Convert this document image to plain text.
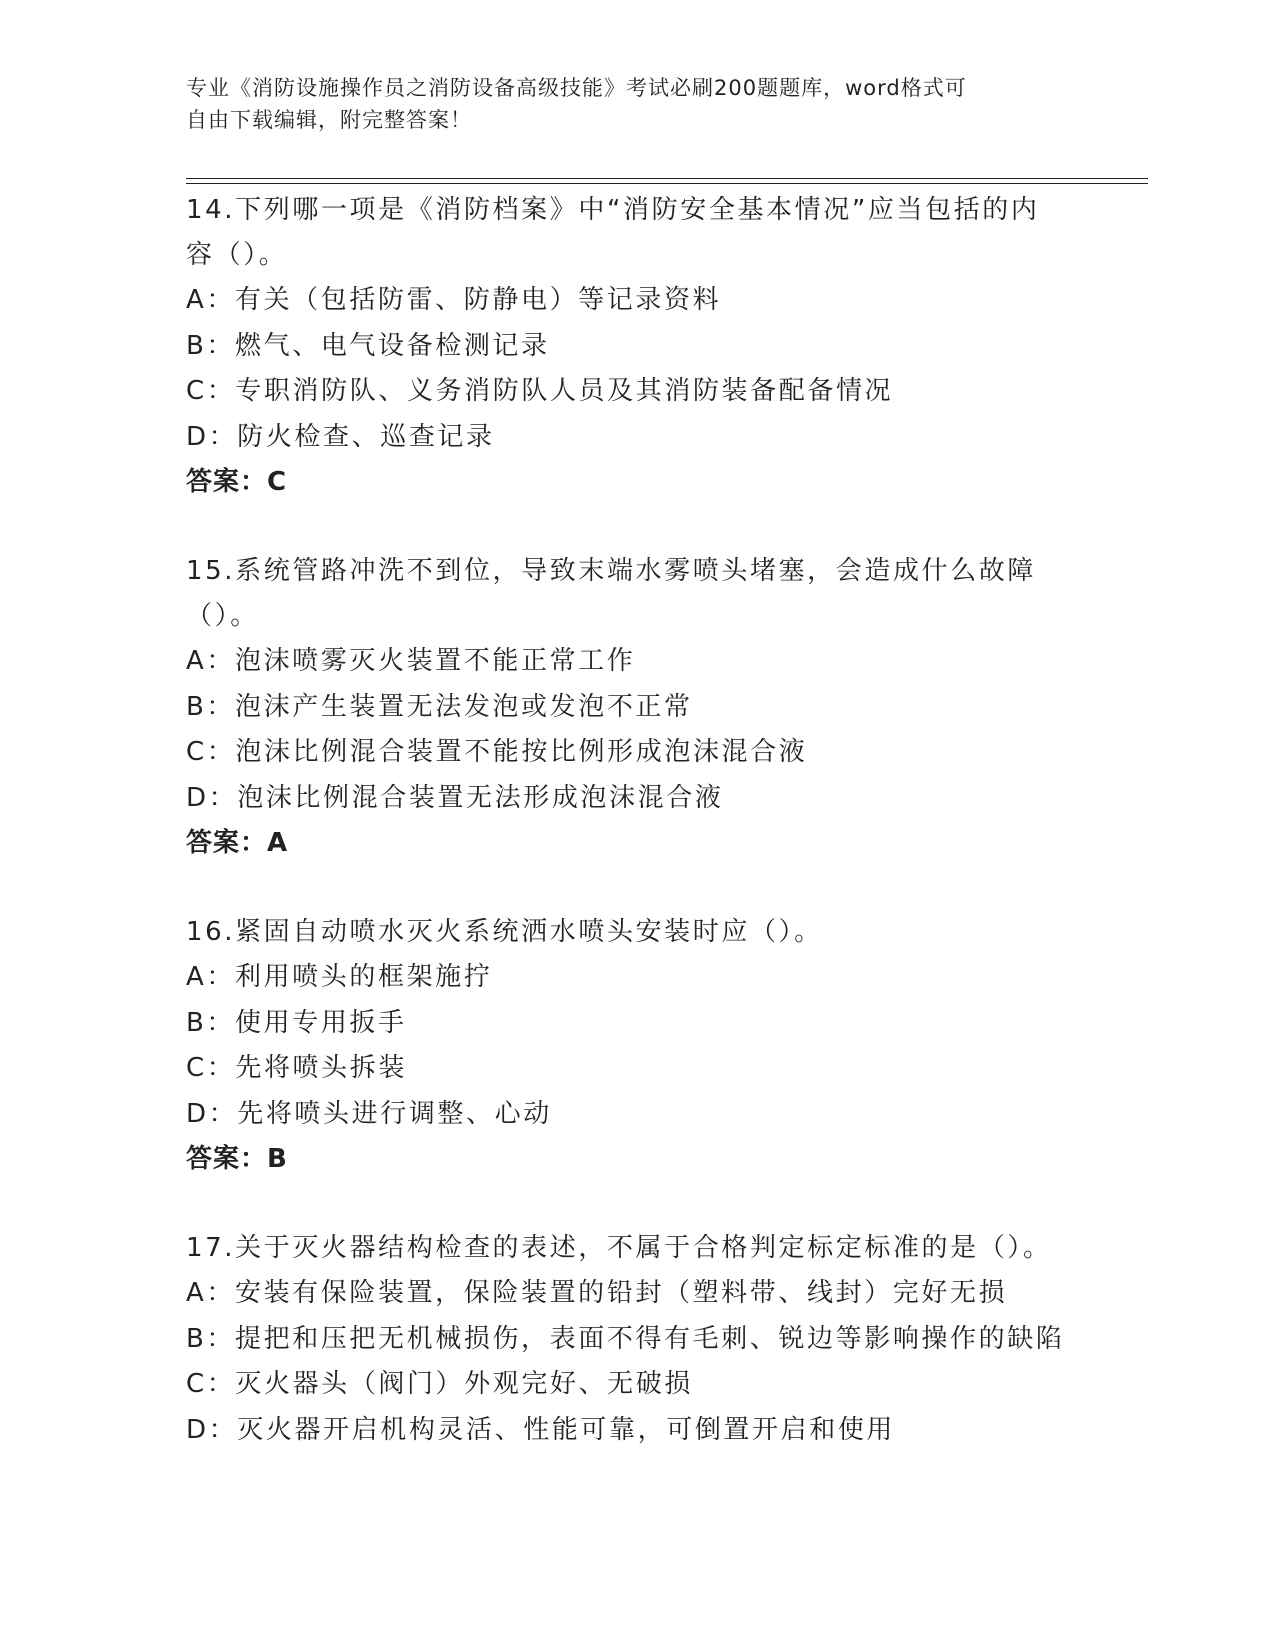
专业《消防设施操作员之消防设备高级技能》考试必刷200题题库，word格式可
自由下载编辑，附完整答案！

14.下列哪一项是《消防档案》中“消防安全基本情况”应当包括的内容（）。

A：有关（包括防雷、防静电）等记录资料

B：燃气、电气设备检测记录

C：专职消防队、义务消防队人员及其消防装备配备情况

D：防火检查、巡查记录

答案：C

15.系统管路冲洗不到位，导致末端水雾喷头堵塞，会造成什么故障（）。

A：泡沫喷雾灭火装置不能正常工作

B：泡沫产生装置无法发泡或发泡不正常

C：泡沫比例混合装置不能按比例形成泡沫混合液

D：泡沫比例混合装置无法形成泡沫混合液

答案：A

16.紧固自动喷水灭火系统洒水喷头安装时应（）。

A：利用喷头的框架施拧

B：使用专用扳手

C：先将喷头拆装

D：先将喷头进行调整、心动

答案：B

17.关于灭火器结构检查的表述，不属于合格判定标定标准的是（）。

A：安装有保险装置，保险装置的铅封（塑料带、线封）完好无损

B：提把和压把无机械损伤，表面不得有毛刺、锐边等影响操作的缺陷

C：灭火器头（阀门）外观完好、无破损

D：灭火器开启机构灵活、性能可靠，可倒置开启和使用
